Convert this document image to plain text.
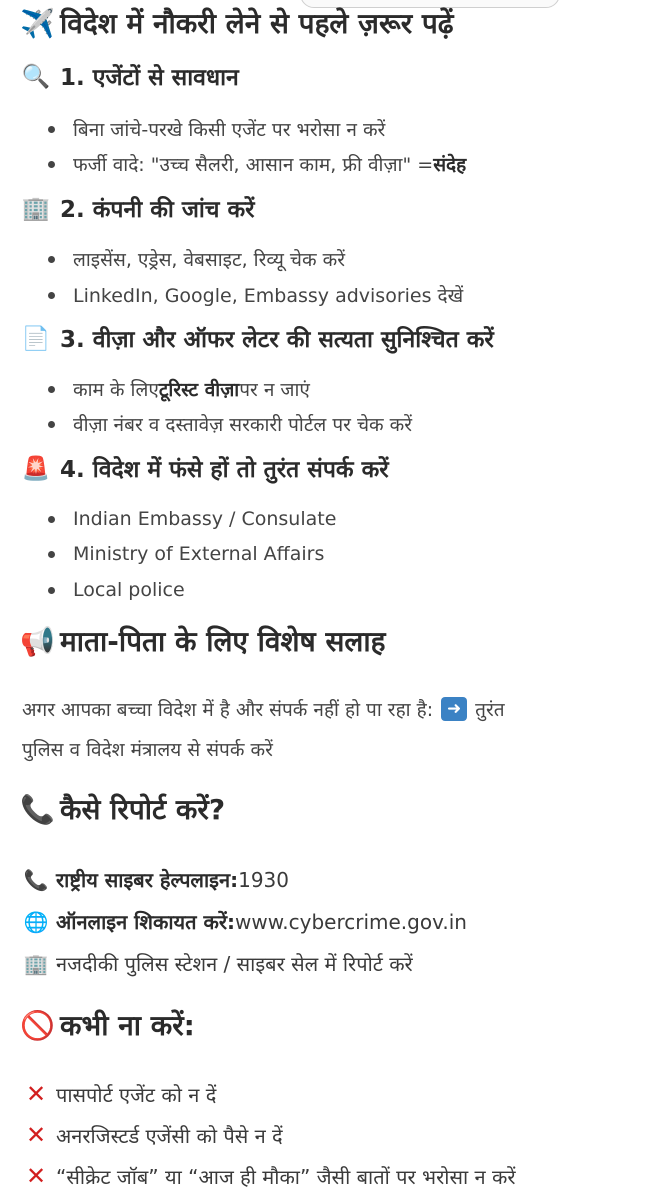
✈️ विदेश में नौकरी लेने से पहले ज़रूर पढ़ें
🔍 1. एजेंटों से सावधान
बिना जांचे-परखे किसी एजेंट पर भरोसा न करें
फर्जी वादे: "उच्च सैलरी, आसान काम, फ्री वीज़ा" = संदेह
🏢 2. कंपनी की जांच करें
लाइसेंस, एड्रेस, वेबसाइट, रिव्यू चेक करें
LinkedIn, Google, Embassy advisories देखें
📄 3. वीज़ा और ऑफर लेटर की सत्यता सुनिश्चित करें
काम के लिए टूरिस्ट वीज़ा पर न जाएं
वीज़ा नंबर व दस्तावेज़ सरकारी पोर्टल पर चेक करें
🚨 4. विदेश में फंसे हों तो तुरंत संपर्क करें
Indian Embassy / Consulate
Ministry of External Affairs
Local police
📢 माता-पिता के लिए विशेष सलाह
अगर आपका बच्चा विदेश में है और संपर्क नहीं हो पा रहा है: ➜ तुरंत
पुलिस व विदेश मंत्रालय से संपर्क करें
📞 कैसे रिपोर्ट करें?
📞 राष्ट्रीय साइबर हेल्पलाइन: 1930
🌐 ऑनलाइन शिकायत करें: www.cybercrime.gov.in
🏢 नजदीकी पुलिस स्टेशन / साइबर सेल में रिपोर्ट करें
🚫 कभी ना करें:
✕ पासपोर्ट एजेंट को न दें
✕ अनरजिस्टर्ड एजेंसी को पैसे न दें
✕ “सीक्रेट जॉब” या “आज ही मौका” जैसी बातों पर भरोसा न करें
